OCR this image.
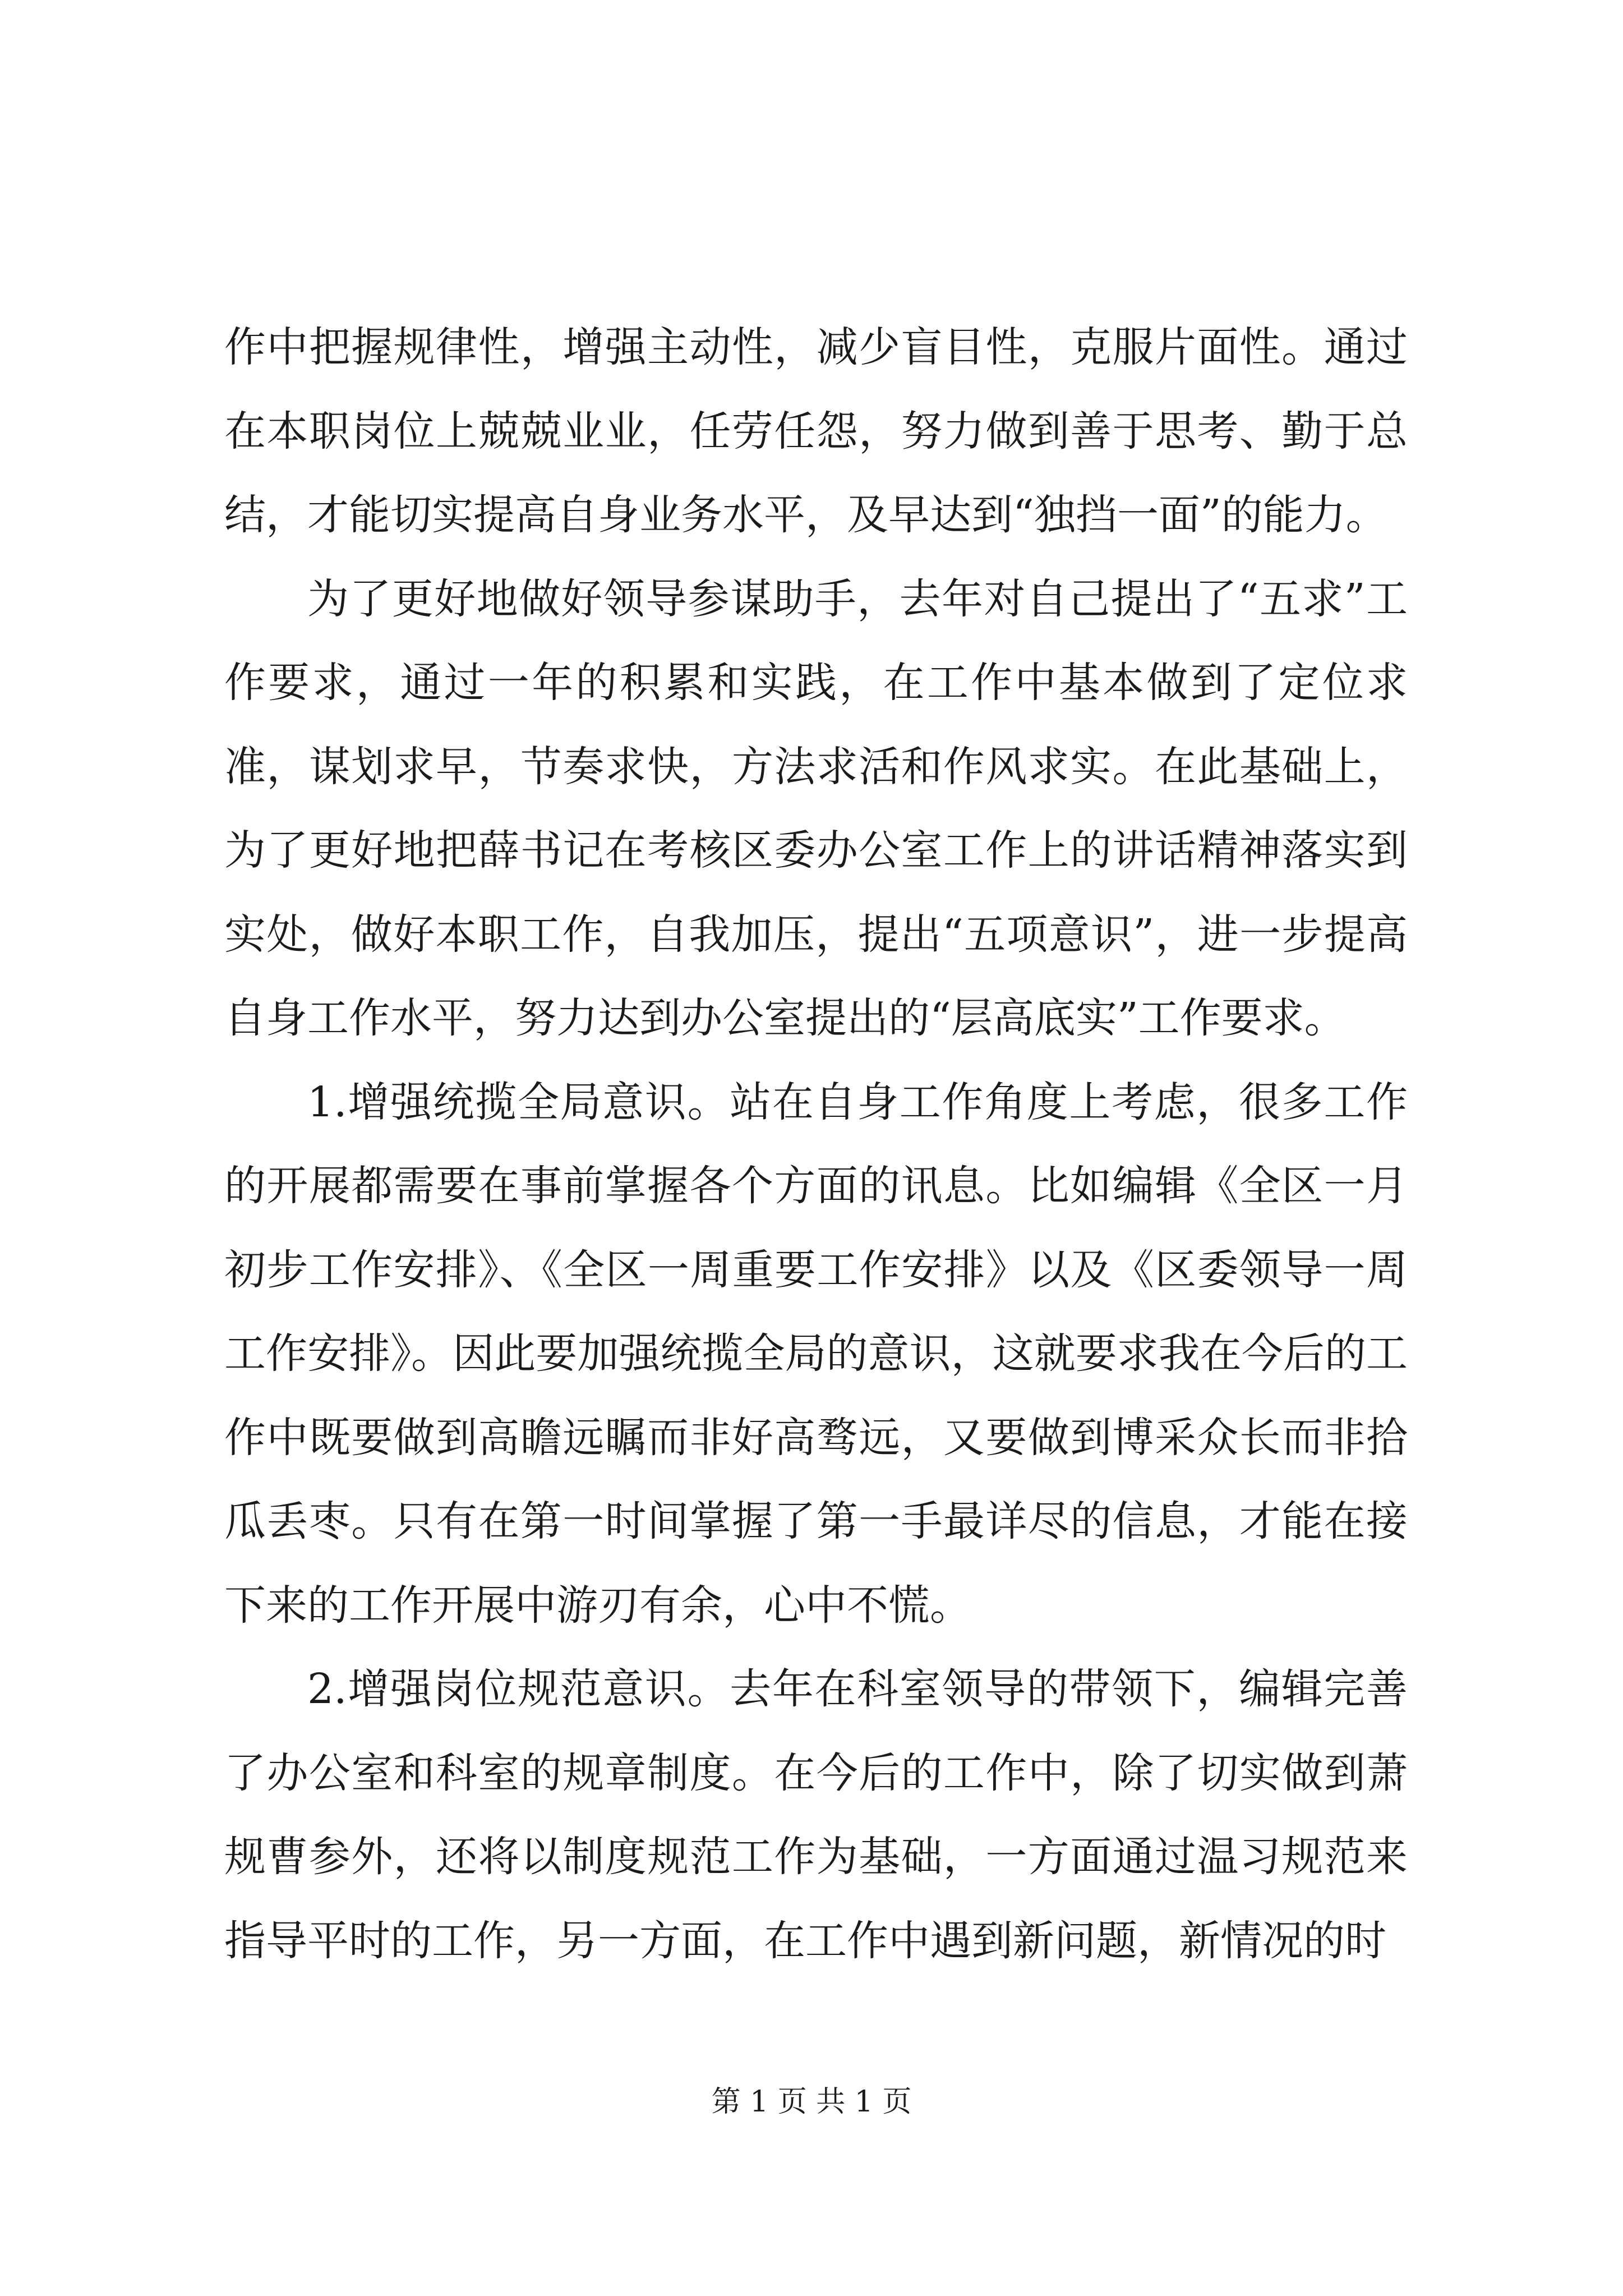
作中把握规律性，增强主动性，减少盲目性，克服片面性。通过在本职岗位上兢兢业业，任劳任怨，努力做到善于思考、勤于总结，才能切实提高自身业务水平，及早达到“独挡一面”的能力。

为了更好地做好领导参谋助手，去年对自己提出了“五求”工作要求，通过一年的积累和实践，在工作中基本做到了定位求准，谋划求早，节奏求快，方法求活和作风求实。在此基础上，为了更好地把薛书记在考核区委办公室工作上的讲话精神落实到实处，做好本职工作，自我加压，提出“五项意识”，进一步提高自身工作水平，努力达到办公室提出的“层高底实”工作要求。

1.增强统揽全局意识。站在自身工作角度上考虑，很多工作的开展都需要在事前掌握各个方面的讯息。比如编辑《全区一月初步工作安排》、《全区一周重要工作安排》以及《区委领导一周工作安排》。因此要加强统揽全局的意识，这就要求我在今后的工作中既要做到高瞻远瞩而非好高骛远，又要做到博采众长而非拾瓜丢枣。只有在第一时间掌握了第一手最详尽的信息，才能在接下来的工作开展中游刃有余，心中不慌。

2.增强岗位规范意识。去年在科室领导的带领下，编辑完善了办公室和科室的规章制度。在今后的工作中，除了切实做到萧规曹参外，还将以制度规范工作为基础，一方面通过温习规范来指导平时的工作，另一方面，在工作中遇到新问题，新情况的时

第 1 页 共 1 页
